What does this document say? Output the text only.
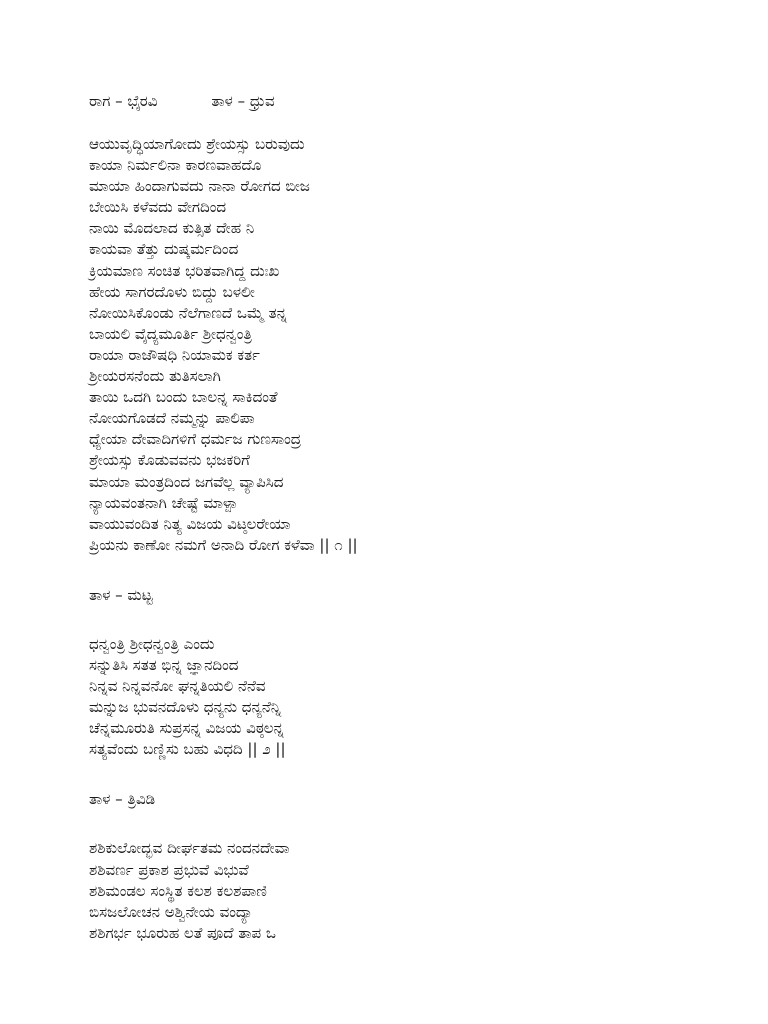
ರಾಗ – ಭೈರವಿ	ತಾಳ – ಧ್ರುವ
ಆಯುವೃದ್ಧಿಯಾಗೋದು ಶ್ರೇಯಸ್ಸು ಬರುವುದು
ಕಾಯಾ ನಿರ್ಮಲಿನಾ ಕಾರಣವಾಹದೊ
ಮಾಯಾ ಹಿಂದಾಗುವದು ನಾನಾ ರೋಗದ ಬೀಜ
ಬೇಯಿಸಿ ಕಳೆವದು ವೇಗದಿಂದ
ನಾಯಿ ಮೊದಲಾದ ಕುತ್ಸಿತ ದೇಹ ನಿ
ಕಾಯವಾ ತೆತ್ತು ದುಷ್ಕರ್ಮದಿಂದ
ಕ್ರಿಯಮಾಣ ಸಂಚಿತ ಭರಿತವಾಗಿದ್ದ ದುಃಖ
ಹೇಯ ಸಾಗರದೊಳು ಬಿದ್ದು ಬಳಲೀ
ನೋಯಿಸಿಕೊಂಡು ನೆಲೆಗಾಣದೆ ಒಮ್ಮೆ ತನ್ನ
ಬಾಯಲಿ ವೈದ್ಯಮೂರ್ತಿ ಶ್ರೀಧನ್ವಂತ್ರಿ
ರಾಯಾ ರಾಜೌಷಧಿ ನಿಯಾಮಕ ಕರ್ತ
ಶ್ರೀಯರಸನೆಂದು ತುತಿಸಲಾಗಿ
ತಾಯಿ ಒದಗಿ ಬಂದು ಬಾಲನ್ನ ಸಾಕಿದಂತೆ
ನೋಯಗೊಡದೆ ನಮ್ಮನ್ನು ಪಾಲಿಪಾ
ಧ್ಯೇಯಾ ದೇವಾದಿಗಳಿಗೆ ಧರ್ಮಜ ಗುಣಸಾಂದ್ರ
ಶ್ರೇಯಸ್ಸು ಕೊಡುವವನು ಭಜಕರಿಗೆ
ಮಾಯಾ ಮಂತ್ರದಿಂದ ಜಗವೆಲ್ಲ ವ್ಯಾಪಿಸಿದ
ನ್ಯಾಯವಂತನಾಗಿ ಚೇಷ್ಟೆ ಮಾಳ್ಪಾ
ವಾಯುವಂದಿತ ನಿತ್ಯ ವಿಜಯ ವಿಟ್ಠಲರೇಯಾ
ಪ್ರಿಯನು ಕಾಣೋ ನಮಗೆ ಅನಾದಿ ರೋಗ ಕಳೆವಾ || ೧ ||
ತಾಳ – ಮಟ್ಟ
ಧನ್ವಂತ್ರಿ ಶ್ರೀಧನ್ವಂತ್ರಿ ಎಂದು
ಸನ್ನುತಿಸಿ ಸತತ ಭಿನ್ನ ಜ್ಞಾನದಿಂದ
ನಿನ್ನವ ನಿನ್ನವನೋ ಘನ್ನತಿಯಲಿ ನೆನೆವ
ಮನ್ನುಜ ಭುವನದೊಳು ಧನ್ಯನು ಧನ್ಯನೆನ್ನಿ
ಚೆನ್ನಮೂರುತಿ ಸುಪ್ರಸನ್ನ ವಿಜಯ ವಿಠ್ಠಲನ್ನ
ಸತ್ಯವೆಂದು ಬಣ್ಣಿಸು ಬಹು ವಿಧದಿ || ೨ ||
ತಾಳ – ತ್ರಿವಿಡಿ
ಶಶಿಕುಲೋದ್ಭವ ದೀರ್ಘತಮ ನಂದನದೇವಾ
ಶಶಿವರ್ಣ ಪ್ರಕಾಶ ಪ್ರಭುವೆ ವಿಭುವೆ
ಶಶಿಮಂಡಲ ಸಂಸ್ಥಿತ ಕಲಶ ಕಲಶಪಾಣಿ
ಬಿಸಜಲೋಚನ ಅಶ್ವಿನೇಯ ವಂದ್ಯಾ
ಶಶಿಗರ್ಭ ಭೂರುಹ ಲತೆ ಪೂದೆ ತಾಪ ಒ
